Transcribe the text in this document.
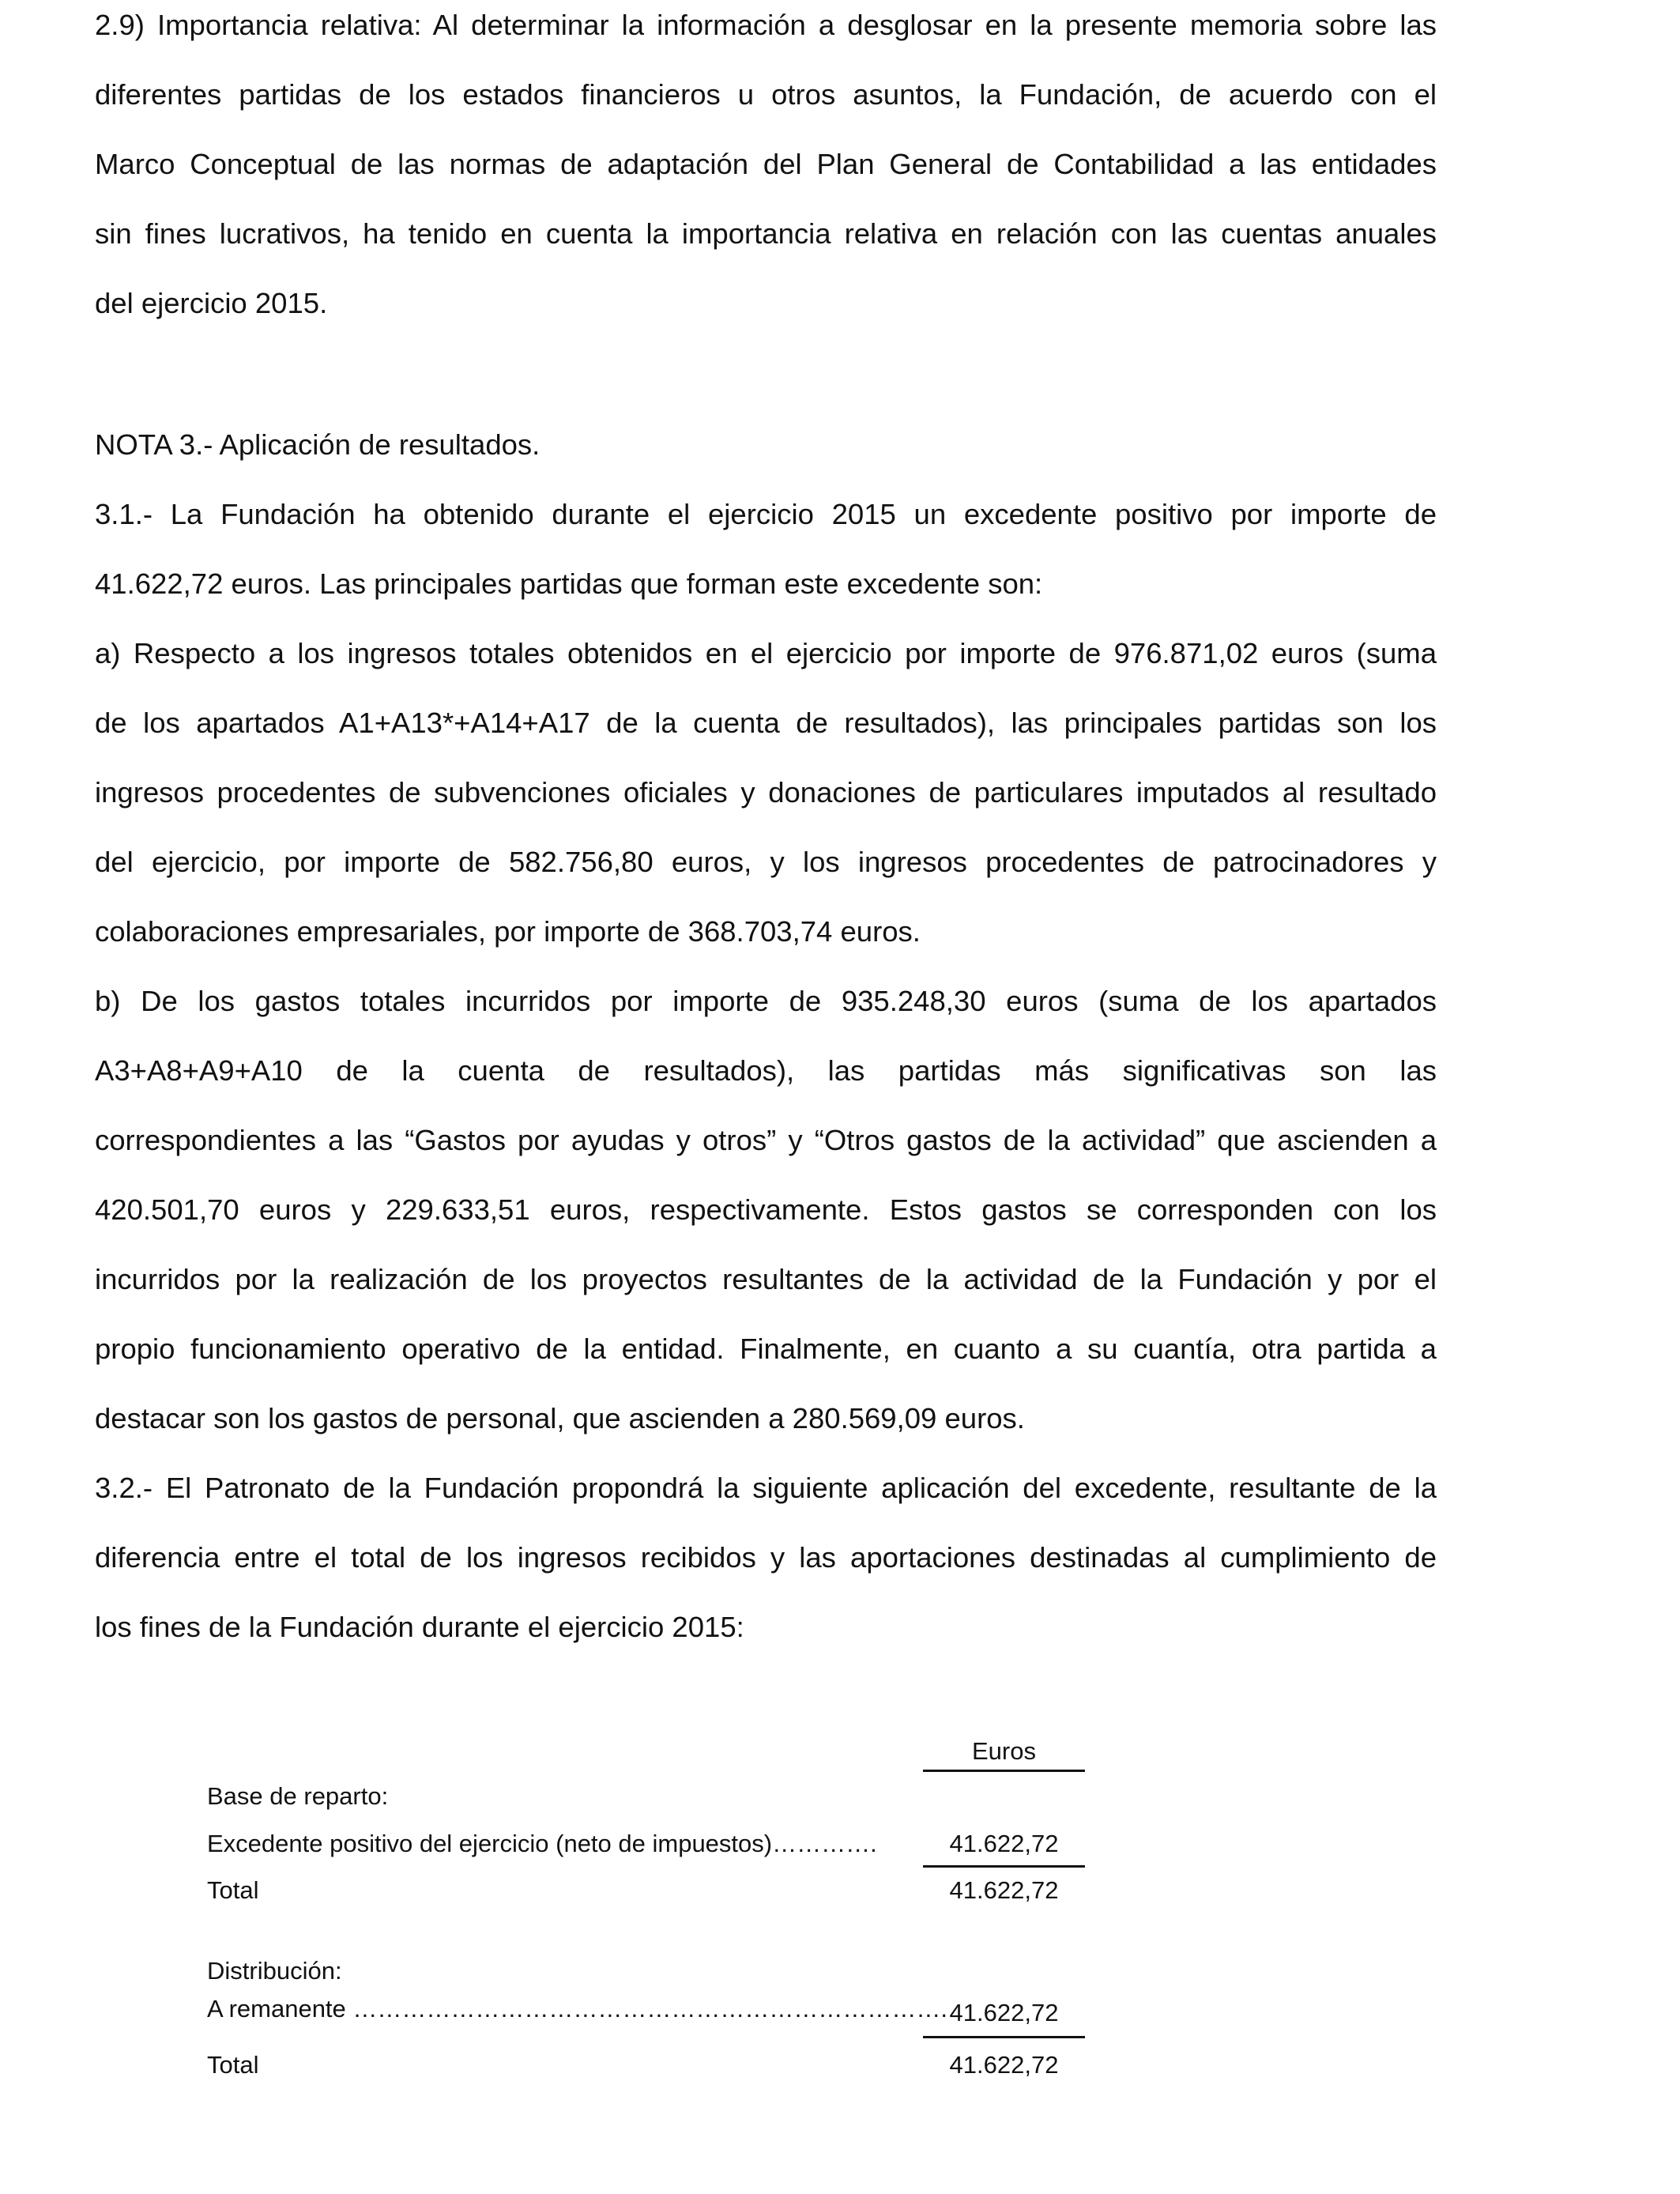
2.9) Importancia relativa: Al determinar la información a desglosar en la presente memoria sobre las
diferentes partidas de los estados financieros u otros asuntos, la Fundación, de acuerdo con el
Marco Conceptual de las normas de adaptación del Plan General de Contabilidad a las entidades
sin fines lucrativos, ha tenido en cuenta la importancia relativa en relación con las cuentas anuales
del ejercicio 2015.
NOTA 3.- Aplicación de resultados.
3.1.- La Fundación ha obtenido durante el ejercicio 2015 un excedente positivo por importe de
41.622,72 euros. Las principales partidas que forman este excedente son:
a) Respecto a los ingresos totales obtenidos en el ejercicio por importe de 976.871,02 euros (suma
de los apartados A1+A13*+A14+A17 de la cuenta de resultados), las principales partidas son los
ingresos procedentes de subvenciones oficiales y donaciones de particulares imputados al resultado
del ejercicio, por importe de 582.756,80 euros, y los ingresos procedentes de patrocinadores y
colaboraciones empresariales, por importe de 368.703,74 euros.
b) De los gastos totales incurridos por importe de 935.248,30 euros (suma de los apartados
A3+A8+A9+A10 de la cuenta de resultados), las partidas más significativas son las
correspondientes a las “Gastos por ayudas y otros” y “Otros gastos de la actividad” que ascienden a
420.501,70 euros y 229.633,51 euros, respectivamente. Estos gastos se corresponden con los
incurridos por la realización de los proyectos resultantes de la actividad de la Fundación y por el
propio funcionamiento operativo de la entidad. Finalmente, en cuanto a su cuantía, otra partida a
destacar son los gastos de personal, que ascienden a 280.569,09 euros.
3.2.- El Patronato de la Fundación propondrá la siguiente aplicación del excedente, resultante de la
diferencia entre el total de los ingresos recibidos y las aportaciones destinadas al cumplimiento de
los fines de la Fundación durante el ejercicio 2015:
Euros
Base de reparto:
Excedente positivo del ejercicio (neto de impuestos)………….	41.622,72
Total	41.622,72
Distribución:
A remanente ………………………………………………………………. 41.622,72
Total	41.622,72
